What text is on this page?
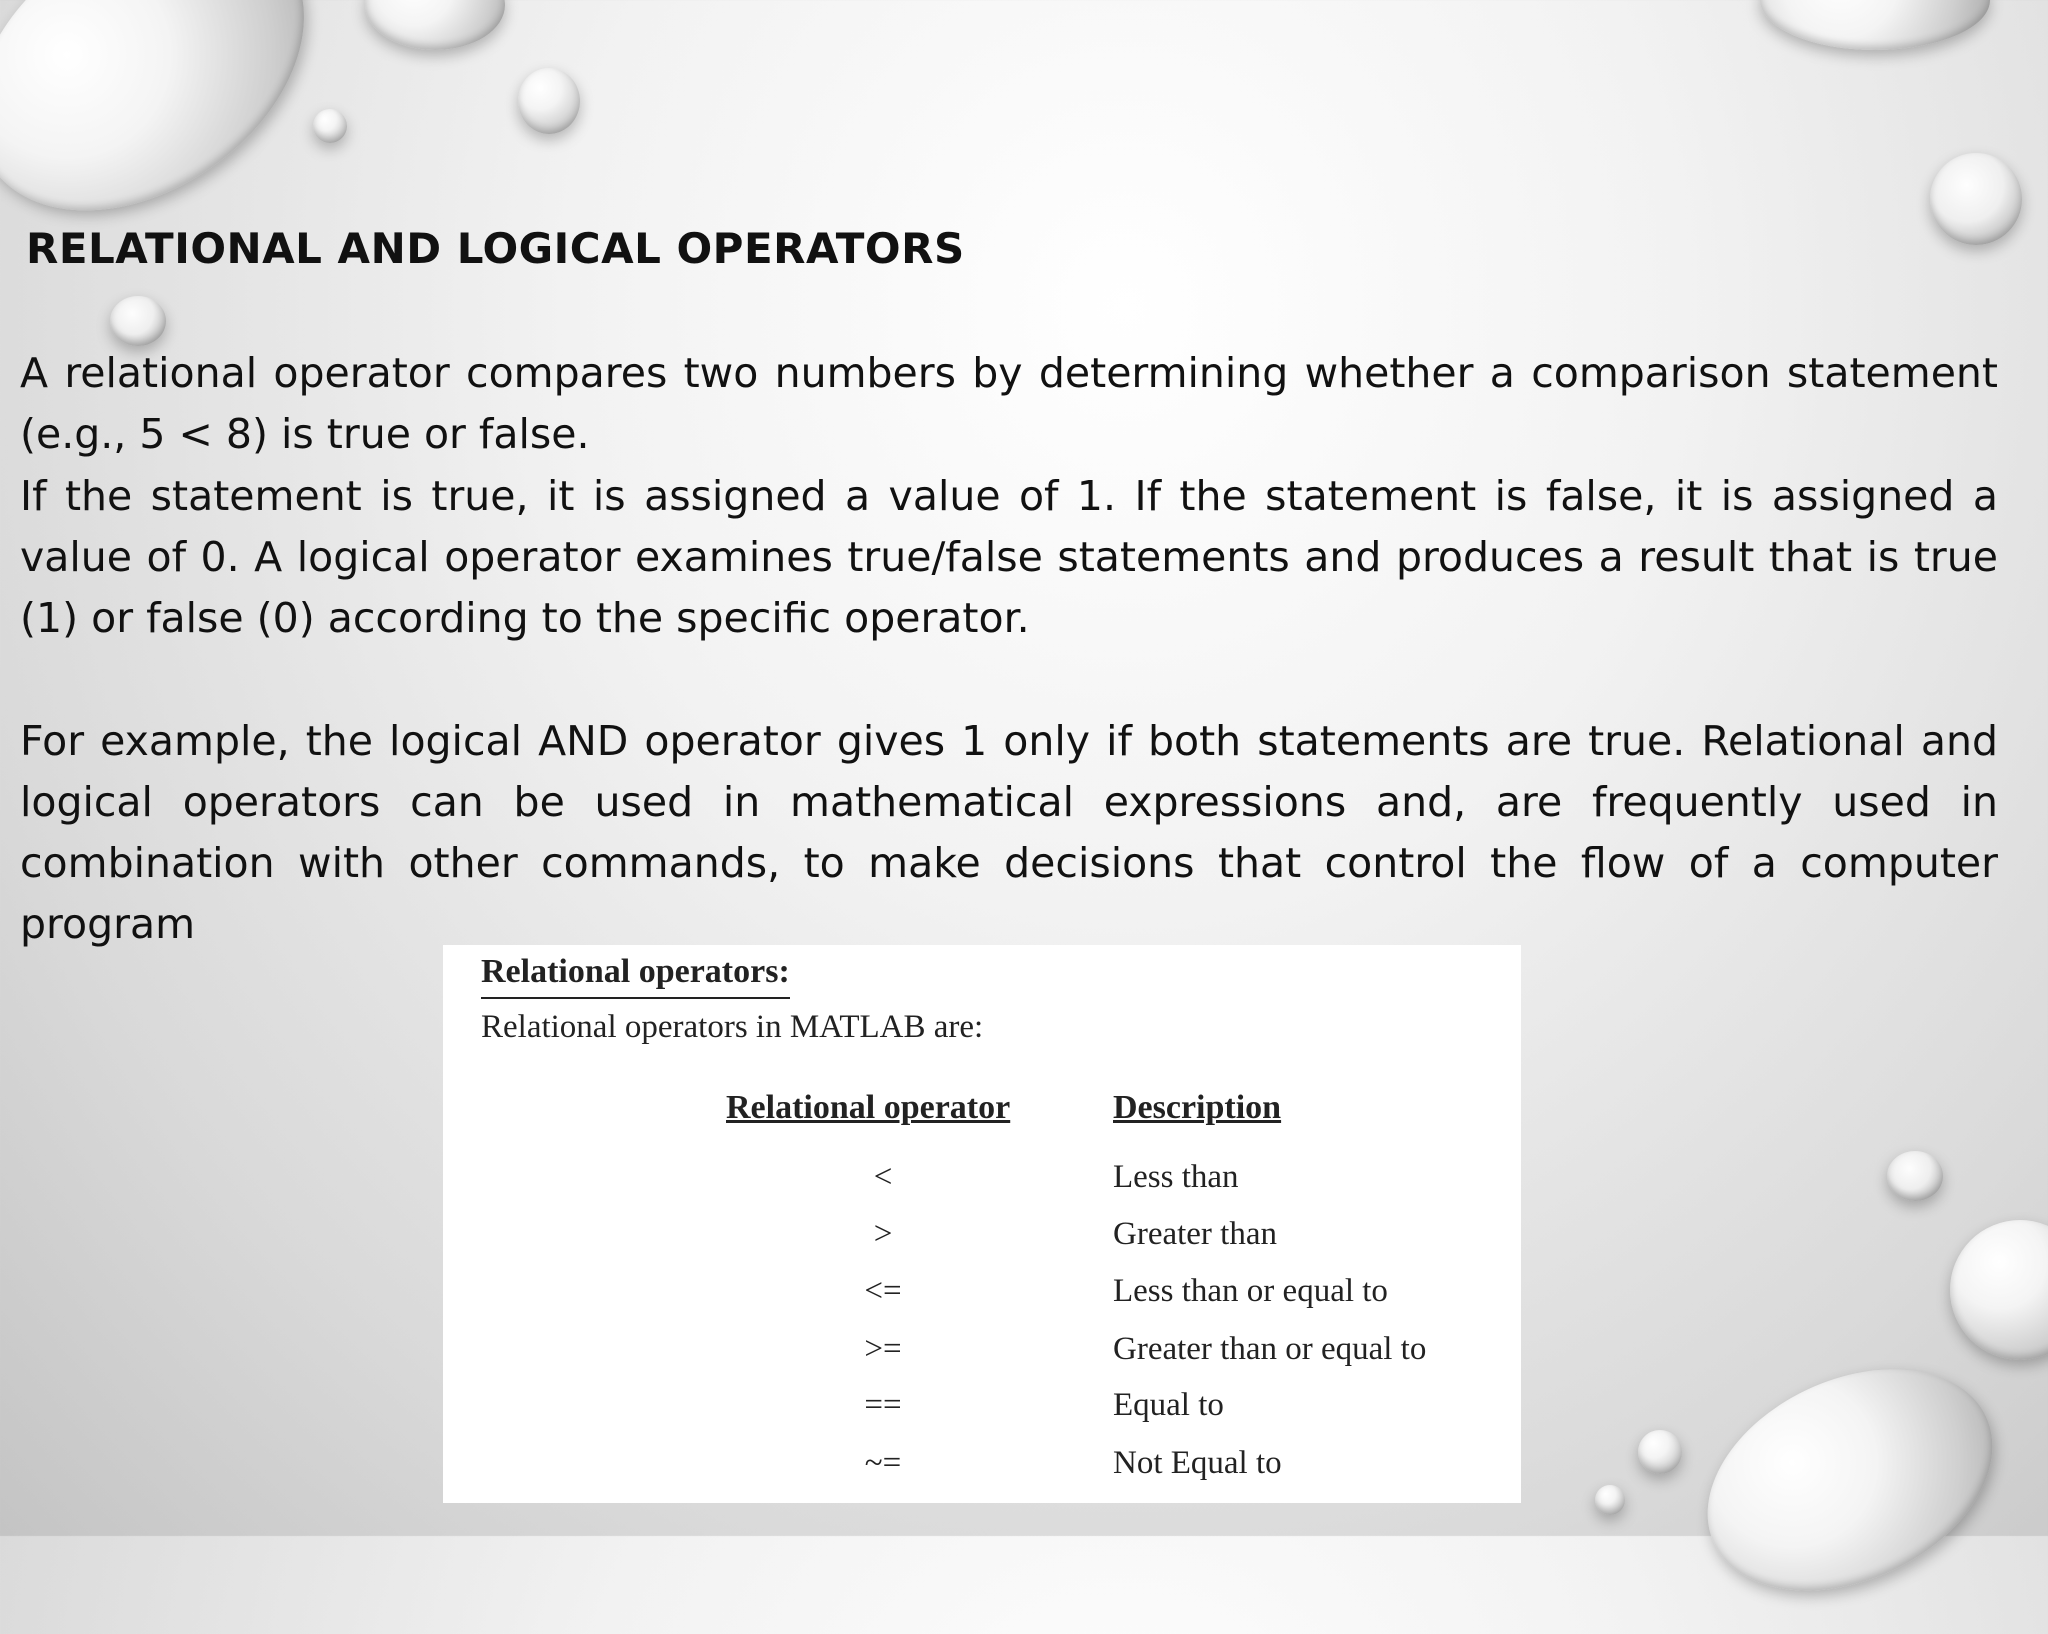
RELATIONAL AND LOGICAL OPERATORS

A relational operator compares two numbers by determining whether a comparison statement (e.g., 5 < 8) is true or false.

If the statement is true, it is assigned a value of 1. If the statement is false, it is assigned a value of 0. A logical operator examines true/false statements and produces a result that is true (1) or false (0) according to the specific operator.

For example, the logical AND operator gives 1 only if both statements are true. Relational and logical operators can be used in mathematical expressions and, are frequently used in combination with other commands, to make decisions that control the flow of a computer program

Relational operators:
Relational operators in MATLAB are:
Relational operator	Description
<	Less than
>	Greater than
<=	Less than or equal to
>=	Greater than or equal to
==	Equal to
~=	Not Equal to
